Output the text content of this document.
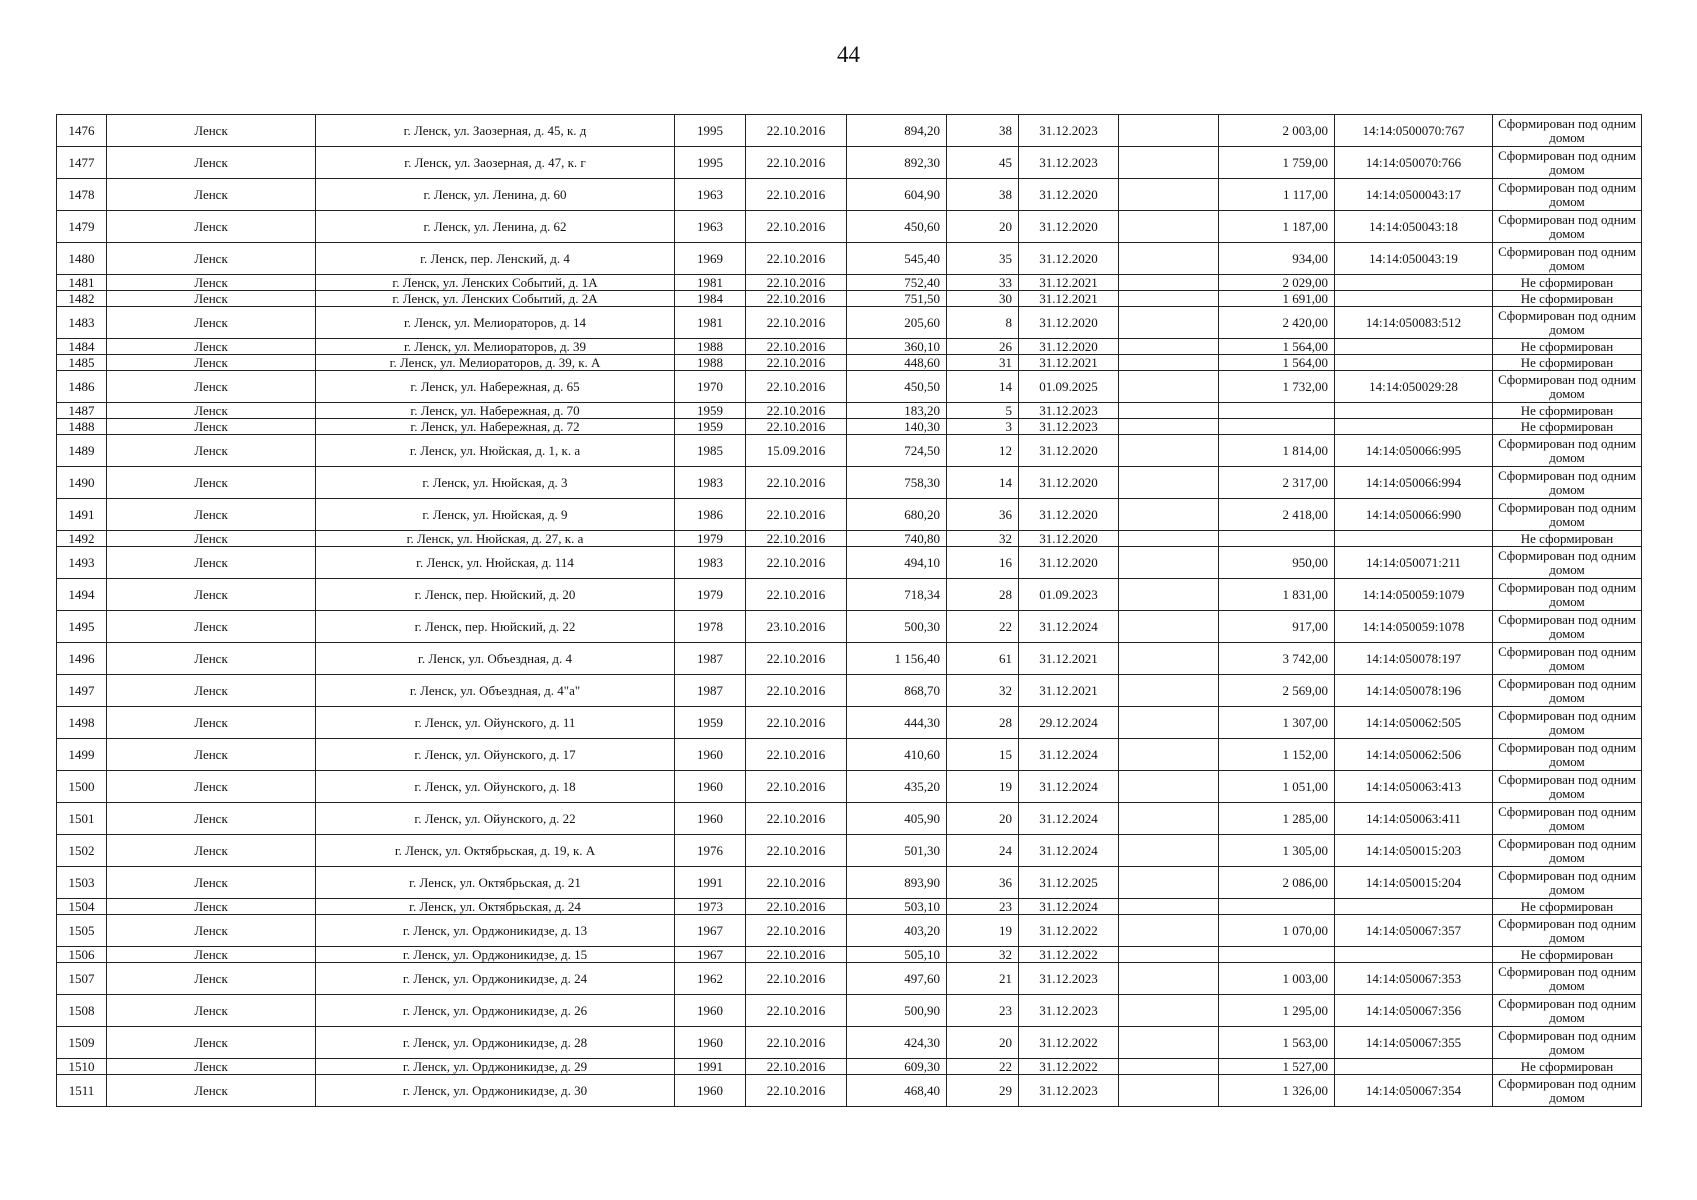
44
1476	Ленск	г. Ленск, ул. Заозерная, д. 45, к. д	1995	22.10.2016	894,20	38	31.12.2023		2 003,00	14:14:0500070:767	Сформирован под одним домом
1477	Ленск	г. Ленск, ул. Заозерная, д. 47, к. г	1995	22.10.2016	892,30	45	31.12.2023		1 759,00	14:14:050070:766	Сформирован под одним домом
1478	Ленск	г. Ленск, ул. Ленина, д. 60	1963	22.10.2016	604,90	38	31.12.2020		1 117,00	14:14:0500043:17	Сформирован под одним домом
1479	Ленск	г. Ленск, ул. Ленина, д. 62	1963	22.10.2016	450,60	20	31.12.2020		1 187,00	14:14:050043:18	Сформирован под одним домом
1480	Ленск	г. Ленск, пер. Ленский, д. 4	1969	22.10.2016	545,40	35	31.12.2020		934,00	14:14:050043:19	Сформирован под одним домом
1481	Ленск	г. Ленск, ул. Ленских Событий, д. 1А	1981	22.10.2016	752,40	33	31.12.2021		2 029,00		Не сформирован
1482	Ленск	г. Ленск, ул. Ленских Событий, д. 2А	1984	22.10.2016	751,50	30	31.12.2021		1 691,00		Не сформирован
1483	Ленск	г. Ленск, ул. Мелиораторов, д. 14	1981	22.10.2016	205,60	8	31.12.2020		2 420,00	14:14:050083:512	Сформирован под одним домом
1484	Ленск	г. Ленск, ул. Мелиораторов, д. 39	1988	22.10.2016	360,10	26	31.12.2020		1 564,00		Не сформирован
1485	Ленск	г. Ленск, ул. Мелиораторов, д. 39, к. А	1988	22.10.2016	448,60	31	31.12.2021		1 564,00		Не сформирован
1486	Ленск	г. Ленск, ул. Набережная, д. 65	1970	22.10.2016	450,50	14	01.09.2025		1 732,00	14:14:050029:28	Сформирован под одним домом
1487	Ленск	г. Ленск, ул. Набережная, д. 70	1959	22.10.2016	183,20	5	31.12.2023				Не сформирован
1488	Ленск	г. Ленск, ул. Набережная, д. 72	1959	22.10.2016	140,30	3	31.12.2023				Не сформирован
1489	Ленск	г. Ленск, ул. Нюйская, д. 1, к. а	1985	15.09.2016	724,50	12	31.12.2020		1 814,00	14:14:050066:995	Сформирован под одним домом
1490	Ленск	г. Ленск, ул. Нюйская, д. 3	1983	22.10.2016	758,30	14	31.12.2020		2 317,00	14:14:050066:994	Сформирован под одним домом
1491	Ленск	г. Ленск, ул. Нюйская, д. 9	1986	22.10.2016	680,20	36	31.12.2020		2 418,00	14:14:050066:990	Сформирован под одним домом
1492	Ленск	г. Ленск, ул. Нюйская, д. 27, к. а	1979	22.10.2016	740,80	32	31.12.2020				Не сформирован
1493	Ленск	г. Ленск, ул. Нюйская, д. 114	1983	22.10.2016	494,10	16	31.12.2020		950,00	14:14:050071:211	Сформирован под одним домом
1494	Ленск	г. Ленск, пер. Нюйский, д. 20	1979	22.10.2016	718,34	28	01.09.2023		1 831,00	14:14:050059:1079	Сформирован под одним домом
1495	Ленск	г. Ленск, пер. Нюйский, д. 22	1978	23.10.2016	500,30	22	31.12.2024		917,00	14:14:050059:1078	Сформирован под одним домом
1496	Ленск	г. Ленск, ул. Объездная, д. 4	1987	22.10.2016	1 156,40	61	31.12.2021		3 742,00	14:14:050078:197	Сформирован под одним домом
1497	Ленск	г. Ленск, ул. Объездная, д. 4"а"	1987	22.10.2016	868,70	32	31.12.2021		2 569,00	14:14:050078:196	Сформирован под одним домом
1498	Ленск	г. Ленск, ул. Ойунского, д. 11	1959	22.10.2016	444,30	28	29.12.2024		1 307,00	14:14:050062:505	Сформирован под одним домом
1499	Ленск	г. Ленск, ул. Ойунского, д. 17	1960	22.10.2016	410,60	15	31.12.2024		1 152,00	14:14:050062:506	Сформирован под одним домом
1500	Ленск	г. Ленск, ул. Ойунского, д. 18	1960	22.10.2016	435,20	19	31.12.2024		1 051,00	14:14:050063:413	Сформирован под одним домом
1501	Ленск	г. Ленск, ул. Ойунского, д. 22	1960	22.10.2016	405,90	20	31.12.2024		1 285,00	14:14:050063:411	Сформирован под одним домом
1502	Ленск	г. Ленск, ул. Октябрьская, д. 19, к. А	1976	22.10.2016	501,30	24	31.12.2024		1 305,00	14:14:050015:203	Сформирован под одним домом
1503	Ленск	г. Ленск, ул. Октябрьская, д. 21	1991	22.10.2016	893,90	36	31.12.2025		2 086,00	14:14:050015:204	Сформирован под одним домом
1504	Ленск	г. Ленск, ул. Октябрьская, д. 24	1973	22.10.2016	503,10	23	31.12.2024				Не сформирован
1505	Ленск	г. Ленск, ул. Орджоникидзе, д. 13	1967	22.10.2016	403,20	19	31.12.2022		1 070,00	14:14:050067:357	Сформирован под одним домом
1506	Ленск	г. Ленск, ул. Орджоникидзе, д. 15	1967	22.10.2016	505,10	32	31.12.2022				Не сформирован
1507	Ленск	г. Ленск, ул. Орджоникидзе, д. 24	1962	22.10.2016	497,60	21	31.12.2023		1 003,00	14:14:050067:353	Сформирован под одним домом
1508	Ленск	г. Ленск, ул. Орджоникидзе, д. 26	1960	22.10.2016	500,90	23	31.12.2023		1 295,00	14:14:050067:356	Сформирован под одним домом
1509	Ленск	г. Ленск, ул. Орджоникидзе, д. 28	1960	22.10.2016	424,30	20	31.12.2022		1 563,00	14:14:050067:355	Сформирован под одним домом
1510	Ленск	г. Ленск, ул. Орджоникидзе, д. 29	1991	22.10.2016	609,30	22	31.12.2022		1 527,00		Не сформирован
1511	Ленск	г. Ленск, ул. Орджоникидзе, д. 30	1960	22.10.2016	468,40	29	31.12.2023		1 326,00	14:14:050067:354	Сформирован под одним домом
